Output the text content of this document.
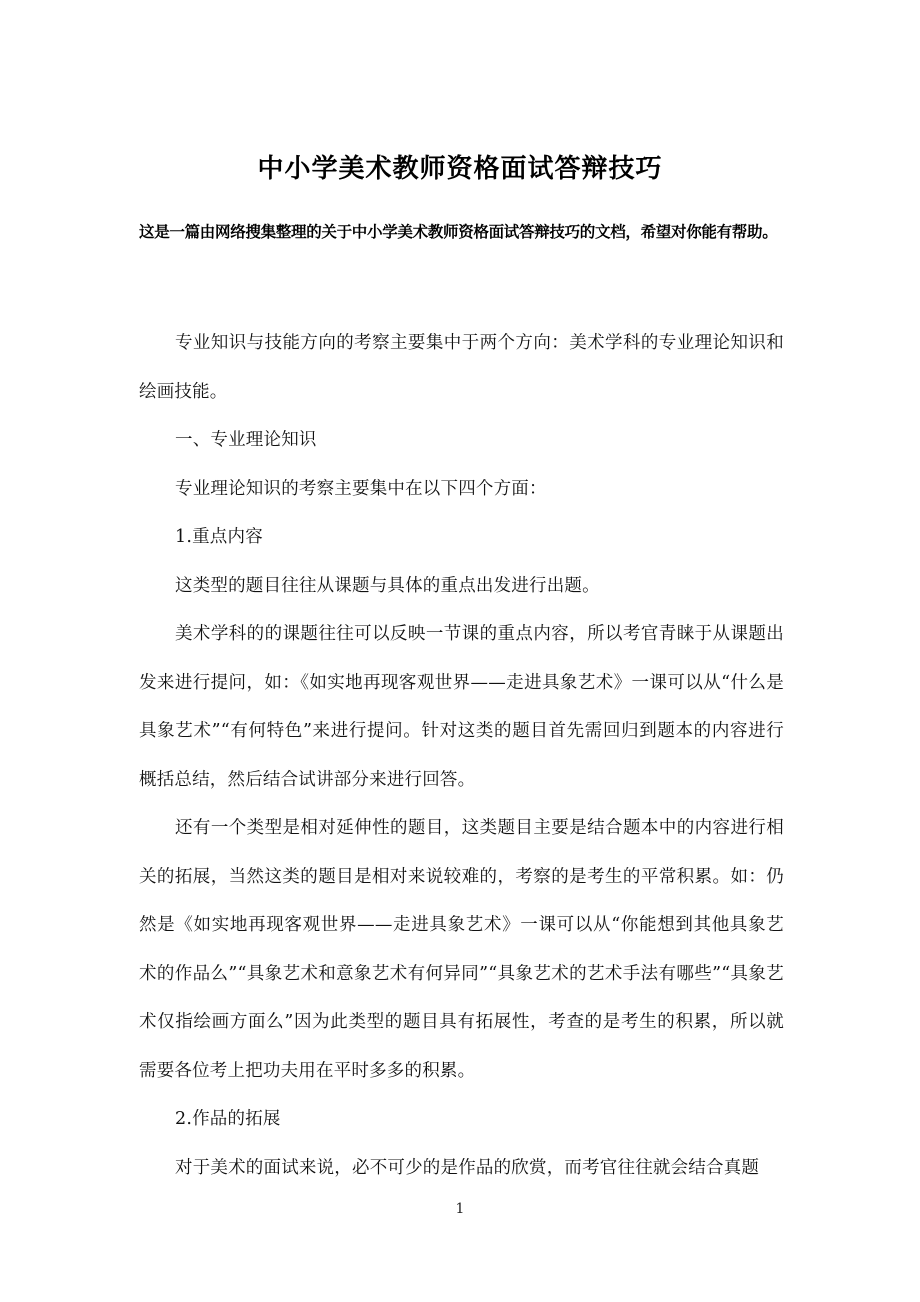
中小学美术教师资格面试答辩技巧
这是一篇由网络搜集整理的关于中小学美术教师资格面试答辩技巧的文档，希望对你能有帮助。

专业知识与技能方向的考察主要集中于两个方向：美术学科的专业理论知识和绘画技能。

一、专业理论知识

专业理论知识的考察主要集中在以下四个方面：

1.重点内容

这类型的题目往往从课题与具体的重点出发进行出题。

美术学科的的课题往往可以反映一节课的重点内容，所以考官青睐于从课题出发来进行提问，如：《如实地再现客观世界——走进具象艺术》一课可以从“什么是具象艺术”“有何特色”来进行提问。针对这类的题目首先需回归到题本的内容进行概括总结，然后结合试讲部分来进行回答。

还有一个类型是相对延伸性的题目，这类题目主要是结合题本中的内容进行相关的拓展，当然这类的题目是相对来说较难的，考察的是考生的平常积累。如：仍然是《如实地再现客观世界——走进具象艺术》一课可以从“你能想到其他具象艺术的作品么”“具象艺术和意象艺术有何异同”“具象艺术的艺术手法有哪些”“具象艺术仅指绘画方面么”因为此类型的题目具有拓展性，考查的是考生的积累，所以就需要各位考上把功夫用在平时多多的积累。

2.作品的拓展

对于美术的面试来说，必不可少的是作品的欣赏，而考官往往就会结合真题

1
